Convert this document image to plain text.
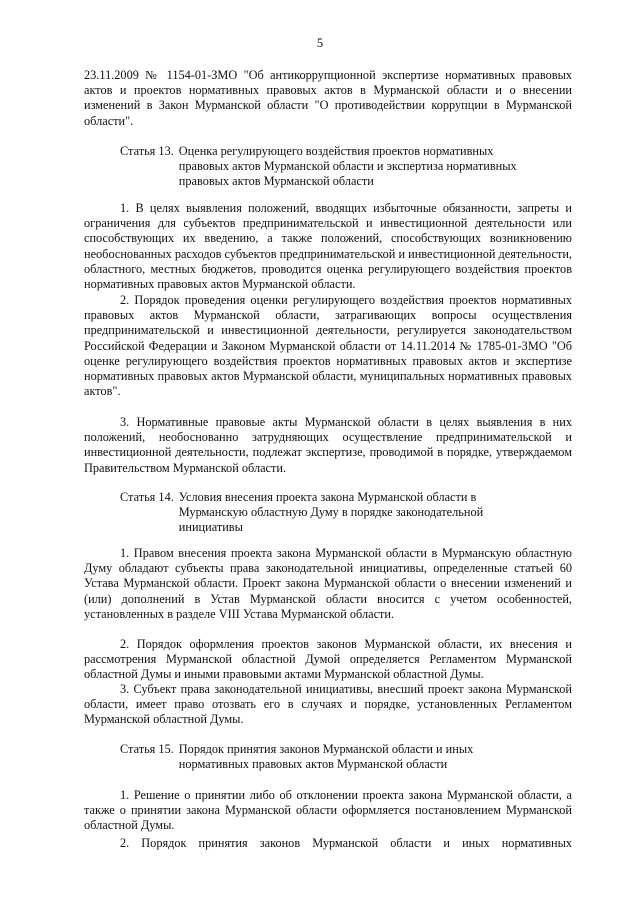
5

23.11.2009 № 1154-01-ЗМО "Об антикоррупционной экспертизе нормативных правовых актов и проектов нормативных правовых актов в Мурманской области и о внесении изменений в Закон Мурманской области "О противодействии коррупции в Мурманской области".

Статья 13. Оценка регулирующего воздействия проектов нормативных правовых актов Мурманской области и экспертиза нормативных правовых актов Мурманской области

1. В целях выявления положений, вводящих избыточные обязанности, запреты и ограничения для субъектов предпринимательской и инвестиционной деятельности или способствующих их введению, а также положений, способствующих возникновению необоснованных расходов субъектов предпринимательской и инвестиционной деятельности, областного, местных бюджетов, проводится оценка регулирующего воздействия проектов нормативных правовых актов Мурманской области.

2. Порядок проведения оценки регулирующего воздействия проектов нормативных правовых актов Мурманской области, затрагивающих вопросы осуществления предпринимательской и инвестиционной деятельности, регулируется законодательством Российской Федерации и Законом Мурманской области от 14.11.2014 № 1785-01-ЗМО "Об оценке регулирующего воздействия проектов нормативных правовых актов и экспертизе нормативных правовых актов Мурманской области, муниципальных нормативных правовых актов".

3. Нормативные правовые акты Мурманской области в целях выявления в них положений, необоснованно затрудняющих осуществление предпринимательской и инвестиционной деятельности, подлежат экспертизе, проводимой в порядке, утверждаемом Правительством Мурманской области.

Статья 14. Условия внесения проекта закона Мурманской области в Мурманскую областную Думу в порядке законодательной инициативы

1. Правом внесения проекта закона Мурманской области в Мурманскую областную Думу обладают субъекты права законодательной инициативы, определенные статьей 60 Устава Мурманской области. Проект закона Мурманской области о внесении изменений и (или) дополнений в Устав Мурманской области вносится с учетом особенностей, установленных в разделе VIII Устава Мурманской области.

2. Порядок оформления проектов законов Мурманской области, их внесения и рассмотрения Мурманской областной Думой определяется Регламентом Мурманской областной Думы и иными правовыми актами Мурманской областной Думы.

3. Субъект права законодательной инициативы, внесший проект закона Мурманской области, имеет право отозвать его в случаях и порядке, установленных Регламентом Мурманской областной Думы.

Статья 15. Порядок принятия законов Мурманской области и иных нормативных правовых актов Мурманской области

1. Решение о принятии либо об отклонении проекта закона Мурманской области, а также о принятии закона Мурманской области оформляется постановлением Мурманской областной Думы.

2. Порядок принятия законов Мурманской области и иных нормативных
